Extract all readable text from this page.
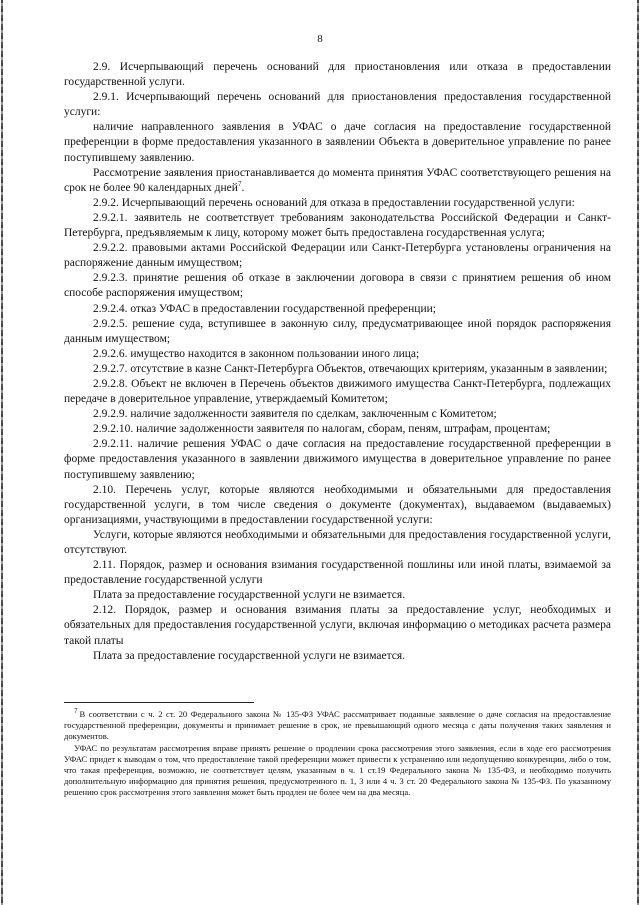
8

2.9. Исчерпывающий перечень оснований для приостановления или отказа в предоставлении государственной услуги.

2.9.1. Исчерпывающий перечень оснований для приостановления предоставления государственной услуги:

наличие направленного заявления в УФАС о даче согласия на предоставление государственной преференции в форме предоставления указанного в заявлении Объекта в доверительное управление по ранее поступившему заявлению.

Рассмотрение заявления приостанавливается до момента принятия УФАС соответствующего решения на срок не более 90 календарных дней$^7$.

2.9.2. Исчерпывающий перечень оснований для отказа в предоставлении государственной услуги:

2.9.2.1. заявитель не соответствует требованиям законодательства Российской Федерации и Санкт-Петербурга, предъявляемым к лицу, которому может быть предоставлена государственная услуга;

2.9.2.2. правовыми актами Российской Федерации или Санкт-Петербурга установлены ограничения на распоряжение данным имуществом;

2.9.2.3. принятие решения об отказе в заключении договора в связи с принятием решения об ином способе распоряжения имуществом;

2.9.2.4. отказ УФАС в предоставлении государственной преференции;

2.9.2.5. решение суда, вступившее в законную силу, предусматривающее иной порядок распоряжения данным имуществом;

2.9.2.6. имущество находится в законном пользовании иного лица;

2.9.2.7. отсутствие в казне Санкт-Петербурга Объектов, отвечающих критериям, указанным в заявлении;

2.9.2.8. Объект не включен в Перечень объектов движимого имущества Санкт-Петербурга, подлежащих передаче в доверительное управление, утверждаемый Комитетом;

2.9.2.9. наличие задолженности заявителя по сделкам, заключенным с Комитетом;

2.9.2.10. наличие задолженности заявителя по налогам, сборам, пеням, штрафам, процентам;

2.9.2.11. наличие решения УФАС о даче согласия на предоставление государственной преференции в форме предоставления указанного в заявлении движимого имущества в доверительное управление по ранее поступившему заявлению;

2.10. Перечень услуг, которые являются необходимыми и обязательными для предоставления государственной услуги, в том числе сведения о документе (документах), выдаваемом (выдаваемых) организациями, участвующими в предоставлении государственной услуги:

Услуги, которые являются необходимыми и обязательными для предоставления государственной услуги, отсутствуют.

2.11. Порядок, размер и основания взимания государственной пошлины или иной платы, взимаемой за предоставление государственной услуги

Плата за предоставление государственной услуги не взимается.

2.12. Порядок, размер и основания взимания платы за предоставление услуг, необходимых и обязательных для предоставления государственной услуги, включая информацию о методиках расчета размера такой платы

Плата за предоставление государственной услуги не взимается.

$^7$ В соответствии с ч. 2 ст. 20 Федерального закона № 135-ФЗ УФАС рассматривает поданные заявление о даче согласия на предоставление государственной преференции, документы и принимает решение в срок, не превышающий одного месяца с даты получения таких заявления и документов.

УФАС по результатам рассмотрения вправе принять решение о продлении срока рассмотрения этого заявления, если в ходе его рассмотрения УФАС придет к выводам о том, что предоставление такой преференции может привести к устранению или недопущению конкуренции, либо о том, что такая преференция, возможно, не соответствует целям, указанным в ч. 1 ст.19 Федерального закона № 135-ФЗ, и необходимо получить дополнительную информацию для принятия решения, предусмотренного п. 1, 3 или 4 ч. 3 ст. 20 Федерального закона № 135-ФЗ. По указанному решению срок рассмотрения этого заявления может быть продлен не более чем на два месяца.
